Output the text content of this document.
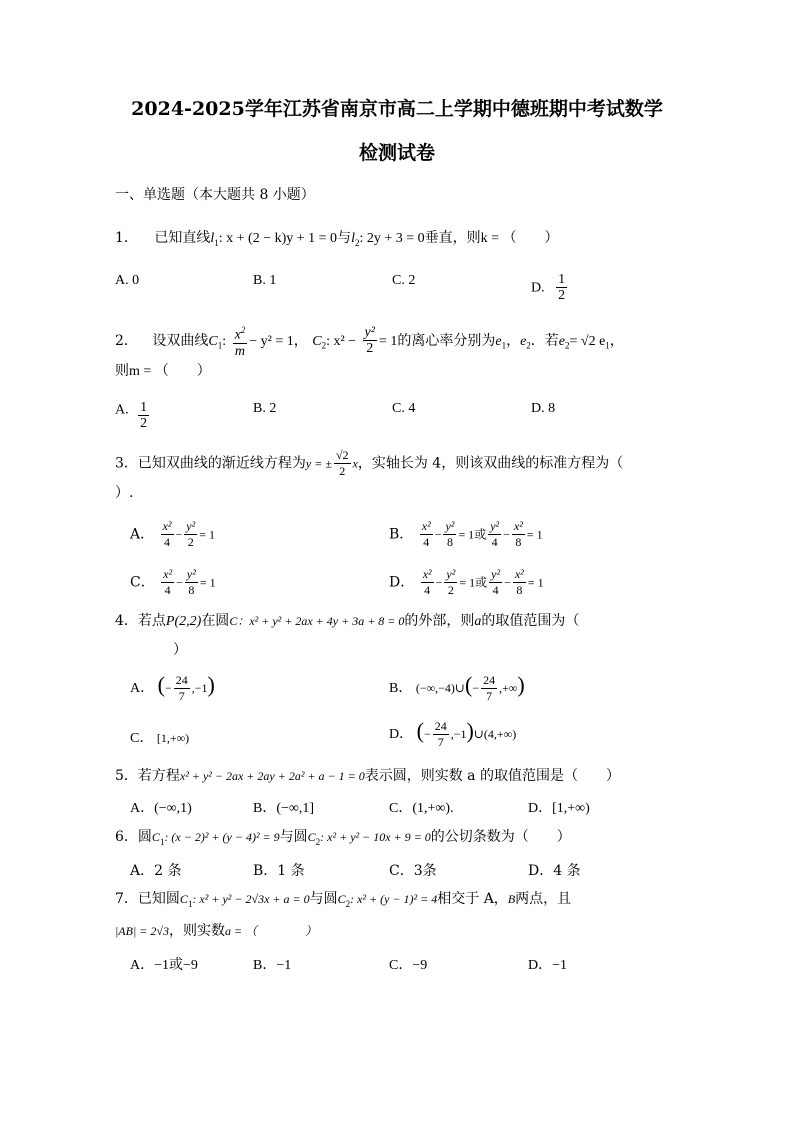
2024-2025学年江苏省南京市高二上学期中德班期中考试数学
检测试卷
一、单选题（本大题共 8 小题）
1． 已知直线$l_1$: x + (2 − k)y + 1 = 0与$l_2$: 2y + 3 = 0垂直，则k = （　　）
A. 0	B. 1	C. 2
D. $\frac{1}{2}$
2． 设双曲线$C_1$: $\frac{x^2}{m} - y^2 = 1$， $C_2$: $x^2 - \frac{\text{y²}}{2} = 1$的离心率分别为$e_1$，$e_2$．若$e_2= √2$ $e_1$，
则m = （　　）
A. $\frac{1}{2}$	B. 2	C. 4	D. 8
3．已知双曲线的渐近线方程为y = ± $\frac{√2}{2}$ x，实轴长为 4，则该双曲线的标准方程为（
）.
A． $\frac{\text{x²}}{4} - \frac{\text{y²}}{2} = 1$	B． $\frac{\text{x²}}{4} - \frac{\text{y²}}{8} = 1$或 $\frac{\text{y²}}{4} - \frac{\text{x²}}{8} = 1$
C． $\frac{\text{x²}}{4} - \frac{\text{y²}}{8} = 1$	D． $\frac{\text{x²}}{4} - \frac{\text{y²}}{2} = 1$或 $\frac{\text{y²}}{4} - \frac{\text{x²}}{8} = 1$
4．若点P(2,2)在圆C：x² + y² + 2ax + 4y + 3a + 8 = 0的外部，则a的取值范围为（
）
A． (− $\frac{24}{7} ,-1$)	B． (−∞,−4)∪(− $\frac{24}{7}$ ,+∞)
C． [1,+∞)	D． (− $\frac{24}{7}$ ,−1)∪(4,+∞)
5．若方程x² + y² − 2ax + 2ay + 2a² + a − 1 = 0表示圆，则实数 a 的取值范围是（　　）
A．(−∞,1)	B．(−∞,1]	C．(1,+∞).	D．[1,+∞)
6．圆$C_1$: (x − 2)² + (y − 4)² = 9与圆$C_2$: x² + y² − 10x + 9 = 0的公切条数为（　　）
A．2 条	B．1 条	C．3条	D．4 条
7．已知圆$C_1$: x² + y² − 2√3x + a = 0与圆$C_2$: x² + (y − 1)² = 4相交于 A，B两点，且
|AB| = 2√3，则实数a = （　　　　）
A．−1或−9	B．−1	C．−9	D．−1
